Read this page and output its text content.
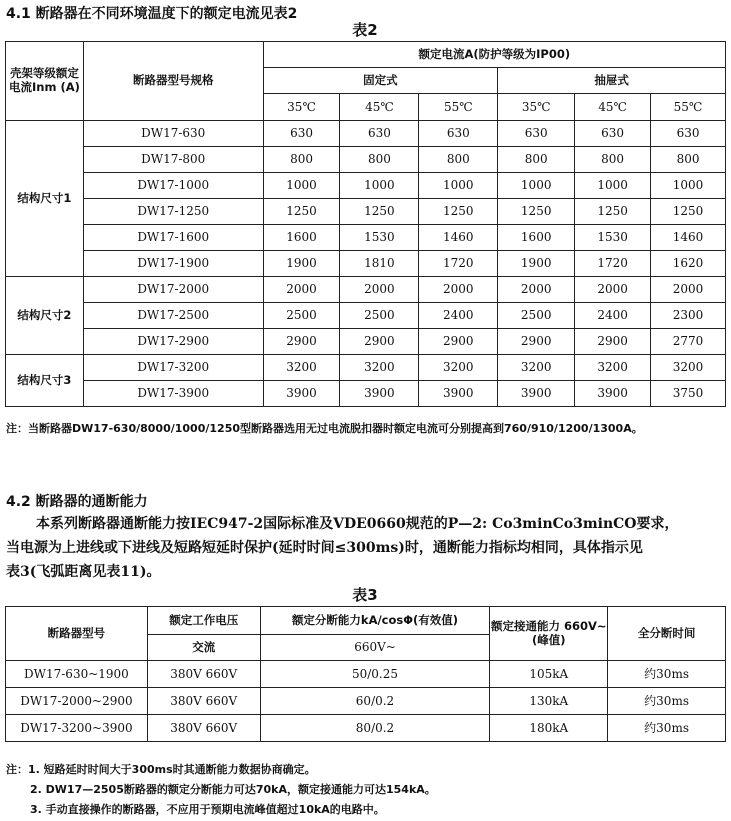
4.1 断路器在不同环境温度下的额定电流见表2
表2
壳架等级额定电流Inm (A)	断路器型号规格	额定电流A(防护等级为IP00)					
		固定式			抽屉式		
		35℃	45℃	55℃	35℃	45℃	55℃
结构尺寸1	DW17-630	630	630	630	630	630	630
	DW17-800	800	800	800	800	800	800
	DW17-1000	1000	1000	1000	1000	1000	1000
	DW17-1250	1250	1250	1250	1250	1250	1250
	DW17-1600	1600	1530	1460	1600	1530	1460
	DW17-1900	1900	1810	1720	1900	1720	1620
结构尺寸2	DW17-2000	2000	2000	2000	2000	2000	2000
	DW17-2500	2500	2500	2400	2500	2400	2300
	DW17-2900	2900	2900	2900	2900	2900	2770
结构尺寸3	DW17-3200	3200	3200	3200	3200	3200	3200
	DW17-3900	3900	3900	3900	3900	3900	3750
注：当断路器DW17-630/8000/1000/1250型断路器选用无过电流脱扣器时额定电流可分别提高到760/910/1200/1300A。
4.2 断路器的通断能力
本系列断路器通断能力按IEC947-2国际标准及VDE0660规范的P—2: Co3minCo3minCO要求，
当电源为上进线或下进线及短路短延时保护(延时时间≤300ms)时，通断能力指标均相同，具体指示见
表3(飞弧距离见表11)。
表3
断路器型号	额定工作电压	额定分断能力kA/cosΦ(有效值)	额定接通能力 660V~(峰值)	全分断时间
	交流	660V~		
DW17-630~1900	380V 660V	50/0.25	105kA	约30ms
DW17-2000~2900	380V 660V	60/0.2	130kA	约30ms
DW17-3200~3900	380V 660V	80/0.2	180kA	约30ms
注：1. 短路延时时间大于300ms时其通断能力数据协商确定。
2. DW17—2505断路器的额定分断能力可达70kA，额定接通能力可达154kA。
3. 手动直接操作的断路器，不应用于预期电流峰值超过10kA的电路中。
